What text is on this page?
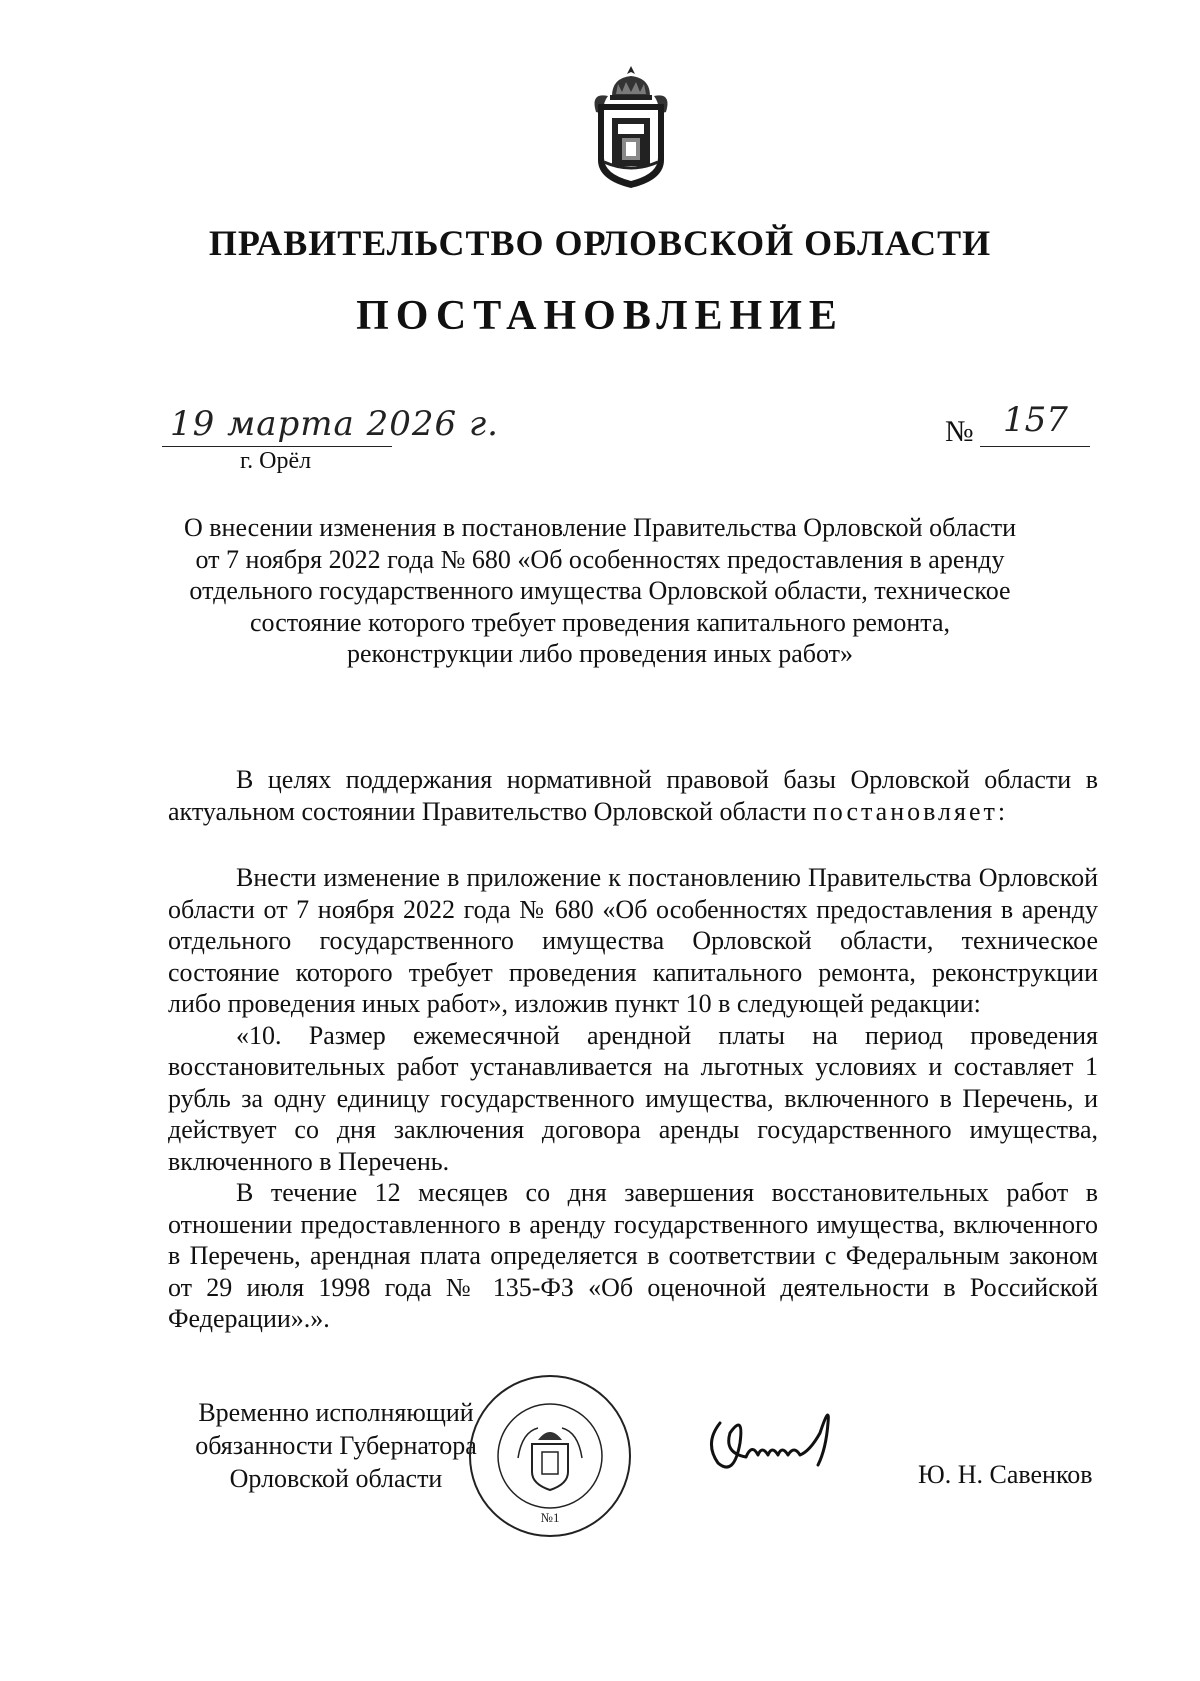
ПРАВИТЕЛЬСТВО ОРЛОВСКОЙ ОБЛАСТИ
ПОСТАНОВЛЕНИЕ
19 марта 2026 г.
г. Орёл
№ 157
О внесении изменения в постановление Правительства Орловской области от 7 ноября 2022 года № 680 «Об особенностях предоставления в аренду отдельного государственного имущества Орловской области, техническое состояние которого требует проведения капитального ремонта, реконструкции либо проведения иных работ»

В целях поддержания нормативной правовой базы Орловской области в актуальном состоянии Правительство Орловской области постановляет:

Внести изменение в приложение к постановлению Правительства Орловской области от 7 ноября 2022 года № 680 «Об особенностях предоставления в аренду отдельного государственного имущества Орловской области, техническое состояние которого требует проведения капитального ремонта, реконструкции либо проведения иных работ», изложив пункт 10 в следующей редакции:

«10. Размер ежемесячной арендной платы на период проведения восстановительных работ устанавливается на льготных условиях и составляет 1 рубль за одну единицу государственного имущества, включенного в Перечень, и действует со дня заключения договора аренды государственного имущества, включенного в Перечень.

В течение 12 месяцев со дня завершения восстановительных работ в отношении предоставленного в аренду государственного имущества, включенного в Перечень, арендная плата определяется в соответствии с Федеральным законом от 29 июля 1998 года № 135-ФЗ «Об оценочной деятельности в Российской Федерации».».

Временно исполняющий
обязанности Губернатора
Орловской области
№1
Ю. Н. Савенков
